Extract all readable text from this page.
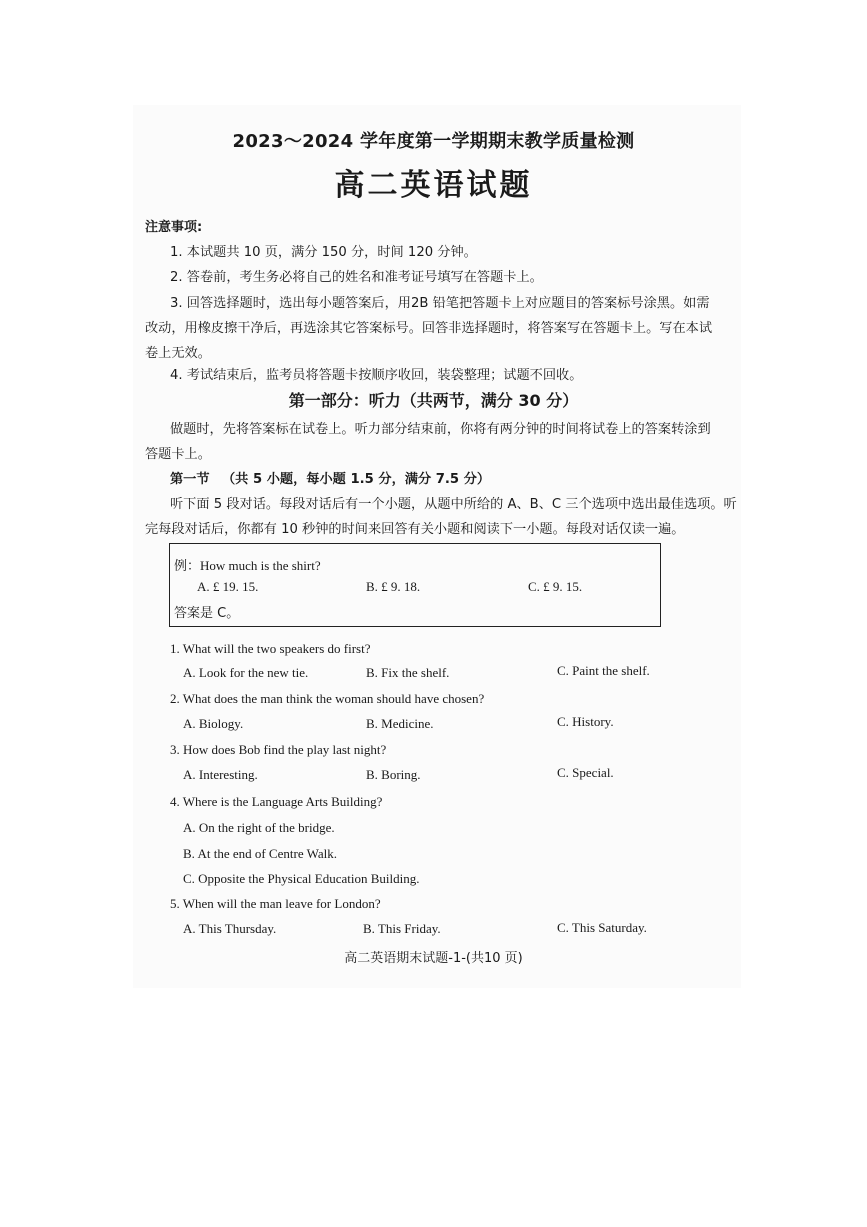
2023～2024 学年度第一学期期末教学质量检测
高二英语试题
注意事项:
1. 本试题共 10 页，满分 150 分，时间 120 分钟。
2. 答卷前，考生务必将自己的姓名和准考证号填写在答题卡上。
3. 回答选择题时，选出每小题答案后，用2B 铅笔把答题卡上对应题目的答案标号涂黑。如需
改动，用橡皮擦干净后，再选涂其它答案标号。回答非选择题时，将答案写在答题卡上。写在本试
卷上无效。
4. 考试结束后，监考员将答题卡按顺序收回，装袋整理；试题不回收。
第一部分：听力（共两节，满分 30 分）
做题时，先将答案标在试卷上。听力部分结束前，你将有两分钟的时间将试卷上的答案转涂到
答题卡上。
第一节 （共 5 小题，每小题 1.5 分，满分 7.5 分）
听下面 5 段对话。每段对话后有一个小题，从题中所给的 A、B、C 三个选项中选出最佳选项。听
完每段对话后，你都有 10 秒钟的时间来回答有关小题和阅读下一小题。每段对话仅读一遍。
例：How much is the shirt?
A. £ 19. 15.	B. £ 9. 18.	C. £ 9. 15.
答案是 C。
1. What will the two speakers do first?
A. Look for the new tie.	B. Fix the shelf.	C. Paint the shelf.
2. What does the man think the woman should have chosen?
A. Biology.	B. Medicine.	C. History.
3. How does Bob find the play last night?
A. Interesting.	B. Boring.	C. Special.
4. Where is the Language Arts Building?
A. On the right of the bridge.
B. At the end of Centre Walk.
C. Opposite the Physical Education Building.
5. When will the man leave for London?
A. This Thursday.	B. This Friday.	C. This Saturday.
高二英语期末试题-1-(共10 页)
